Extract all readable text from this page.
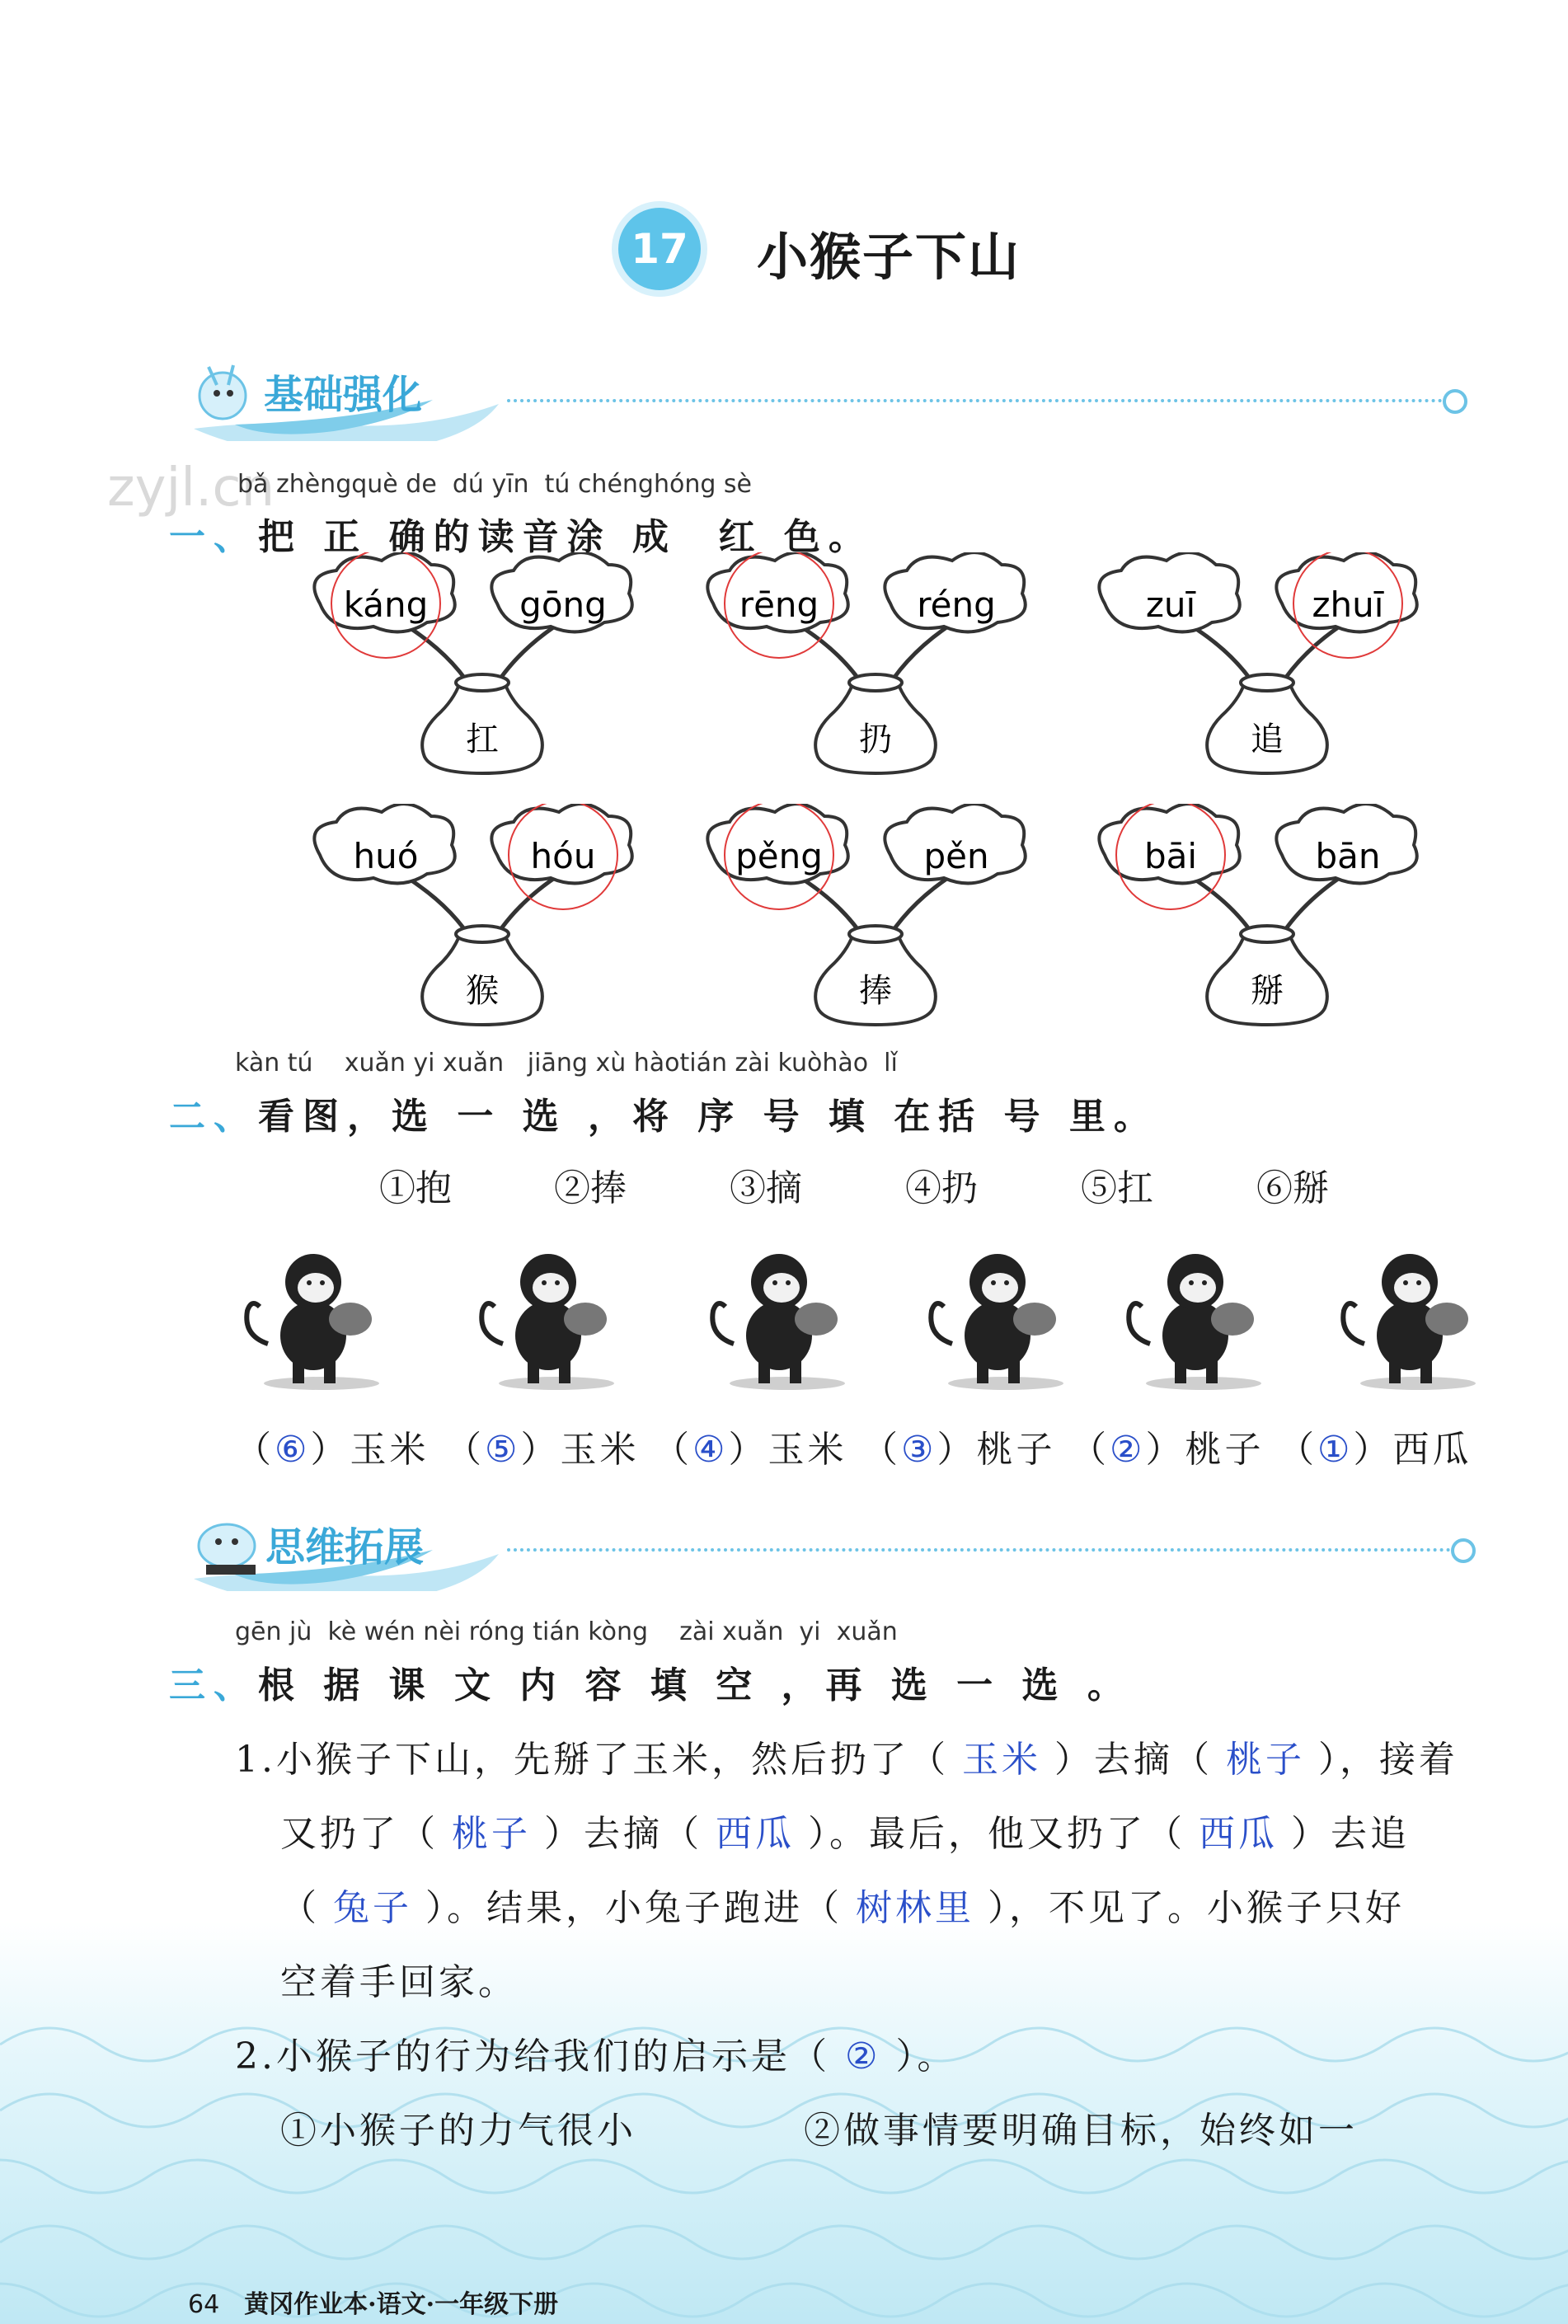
17 小猴子下山
基础强化
zyjl.cn
bǎ zhèngquè de  dú yīn  tú chénghóng sè
一、把 正 确的读音涂 成  红 色。
káng	gōng
扛
rēng	réng
扔
zuī	zhuī
追
huó	hóu
猴
pěng	pěn
捧
bāi	bān
掰
kàn tú    xuǎn yi xuǎn   jiāng xù hàotián zài kuòhào  lǐ
二、看图，选 一 选 ，将 序 号 填 在括 号 里。
①抱	②捧	③摘	④扔	⑤扛	⑥掰
（⑥）玉米 （⑤）玉米 （④）玉米 （③）桃子 （②）桃子 （①）西瓜
思维拓展
gēn jù  kè wén nèi róng tián kòng    zài xuǎn  yi  xuǎn
三、根 据 课 文 内 容 填 空 ，再 选 一 选 。
1.小猴子下山，先掰了玉米，然后扔了（ 玉米 ）去摘（ 桃子 ），接着
又扔了（ 桃子 ）去摘（ 西瓜 ）。最后，他又扔了（ 西瓜 ）去追
（ 兔子 ）。结果，小兔子跑进（ 树林里 ），不见了。小猴子只好
空着手回家。
2.小猴子的行为给我们的启示是（ ② ）。
①小猴子的力气很小	②做事情要明确目标，始终如一
64 黄冈作业本·语文·一年级下册
